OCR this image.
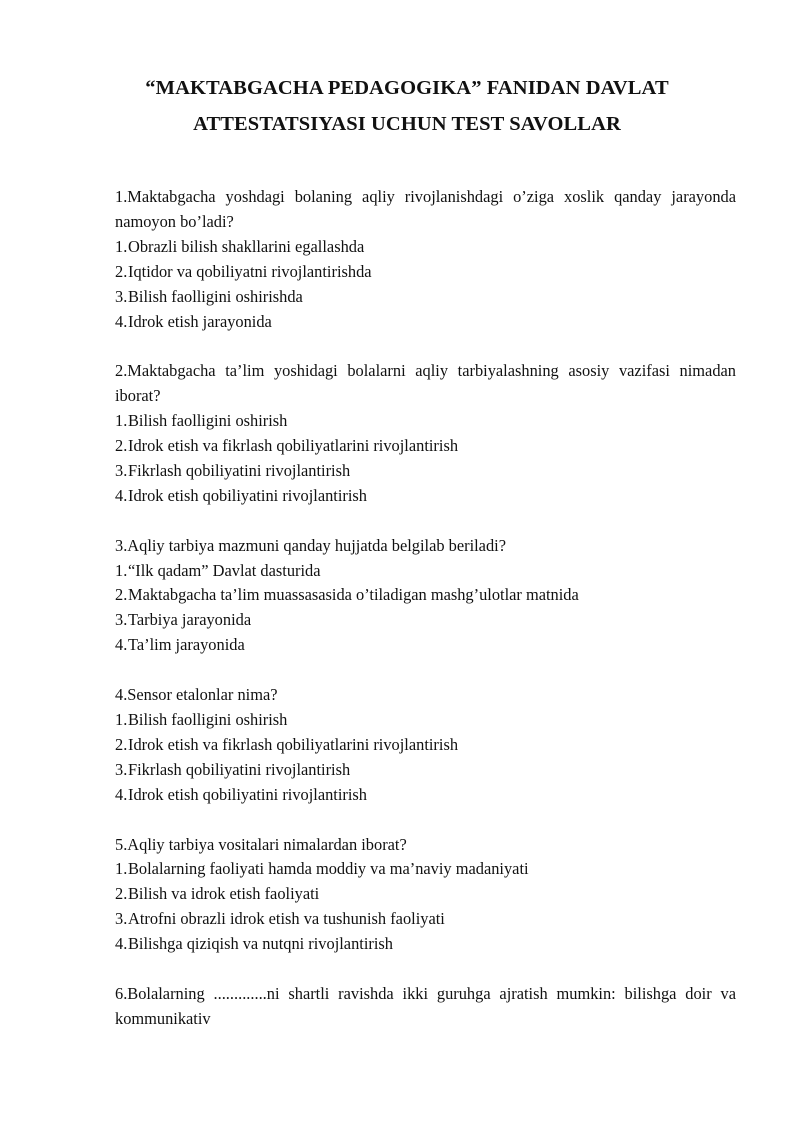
“MAKTABGACHA PEDAGOGIKA” FANIDAN DAVLAT
ATTESTATSIYASI UCHUN TEST SAVOLLAR
1.Maktabgacha yoshdagi bolaning aqliy rivojlanishdagi o’ziga xoslik qanday jarayonda namoyon bo’ladi?
1.Obrazli bilish shakllarini egallashda
2.Iqtidor va qobiliyatni rivojlantirishda
3.Bilish faolligini oshirishda
4.Idrok etish jarayonida
2.Maktabgacha ta’lim yoshidagi bolalarni aqliy tarbiyalashning asosiy vazifasi nimadan iborat?
1.Bilish faolligini oshirish
2.Idrok etish va fikrlash qobiliyatlarini rivojlantirish
3.Fikrlash qobiliyatini rivojlantirish
4.Idrok etish qobiliyatini rivojlantirish
3.Aqliy tarbiya mazmuni qanday hujjatda belgilab beriladi?
1.“Ilk qadam” Davlat dasturida
2.Maktabgacha ta’lim muassasasida o’tiladigan mashg’ulotlar matnida
3.Tarbiya jarayonida
4.Ta’lim jarayonida
4.Sensor etalonlar nima?
1.Bilish faolligini oshirish
2.Idrok etish va fikrlash qobiliyatlarini rivojlantirish
3.Fikrlash qobiliyatini rivojlantirish
4.Idrok etish qobiliyatini rivojlantirish
5.Aqliy tarbiya vositalari nimalardan iborat?
1.Bolalarning faoliyati hamda moddiy va ma’naviy madaniyati
2.Bilish va idrok etish faoliyati
3.Atrofni obrazli idrok etish va tushunish faoliyati
4.Bilishga qiziqish va nutqni rivojlantirish
6.Bolalarning .............ni shartli ravishda ikki guruhga ajratish mumkin: bilishga doir va kommunikativ
